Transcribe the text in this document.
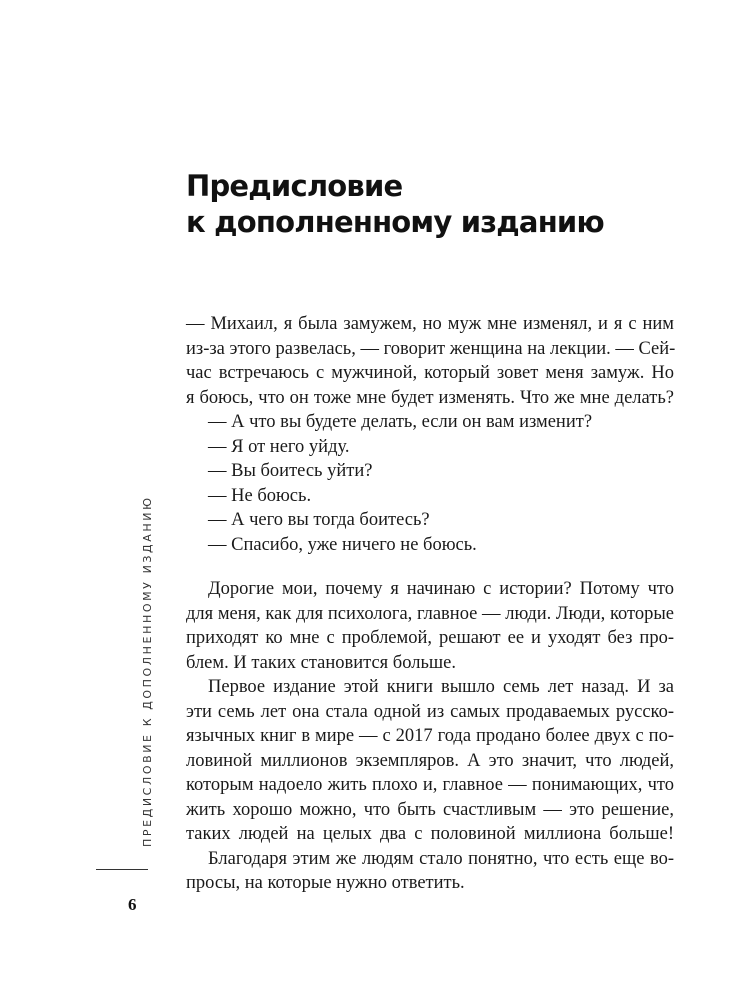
Предисловие
к дополненному изданию
— Михаил, я была замужем, но муж мне изменял, и я с ним
из-за этого развелась, — говорит женщина на лекции. — Сей-
час встречаюсь с мужчиной, который зовет меня замуж. Но
я боюсь, что он тоже мне будет изменять. Что же мне делать?
— А что вы будете делать, если он вам изменит?
— Я от него уйду.
— Вы боитесь уйти?
— Не боюсь.
— А чего вы тогда боитесь?
— Спасибо, уже ничего не боюсь.
Дорогие мои, почему я начинаю с истории? Потому что
для меня, как для психолога, главное — люди. Люди, которые
приходят ко мне с проблемой, решают ее и уходят без про-
блем. И таких становится больше.
Первое издание этой книги вышло семь лет назад. И за
эти семь лет она стала одной из самых продаваемых русско-
язычных книг в мире — с 2017 года продано более двух с по-
ловиной миллионов экземпляров. А это значит, что людей,
которым надоело жить плохо и, главное — понимающих, что
жить хорошо можно, что быть счастливым — это решение,
таких людей на целых два с половиной миллиона больше!
Благодаря этим же людям стало понятно, что есть еще во-
просы, на которые нужно ответить.
ПРЕДИСЛОВИЕ К ДОПОЛНЕННОМУ ИЗДАНИЮ
6
